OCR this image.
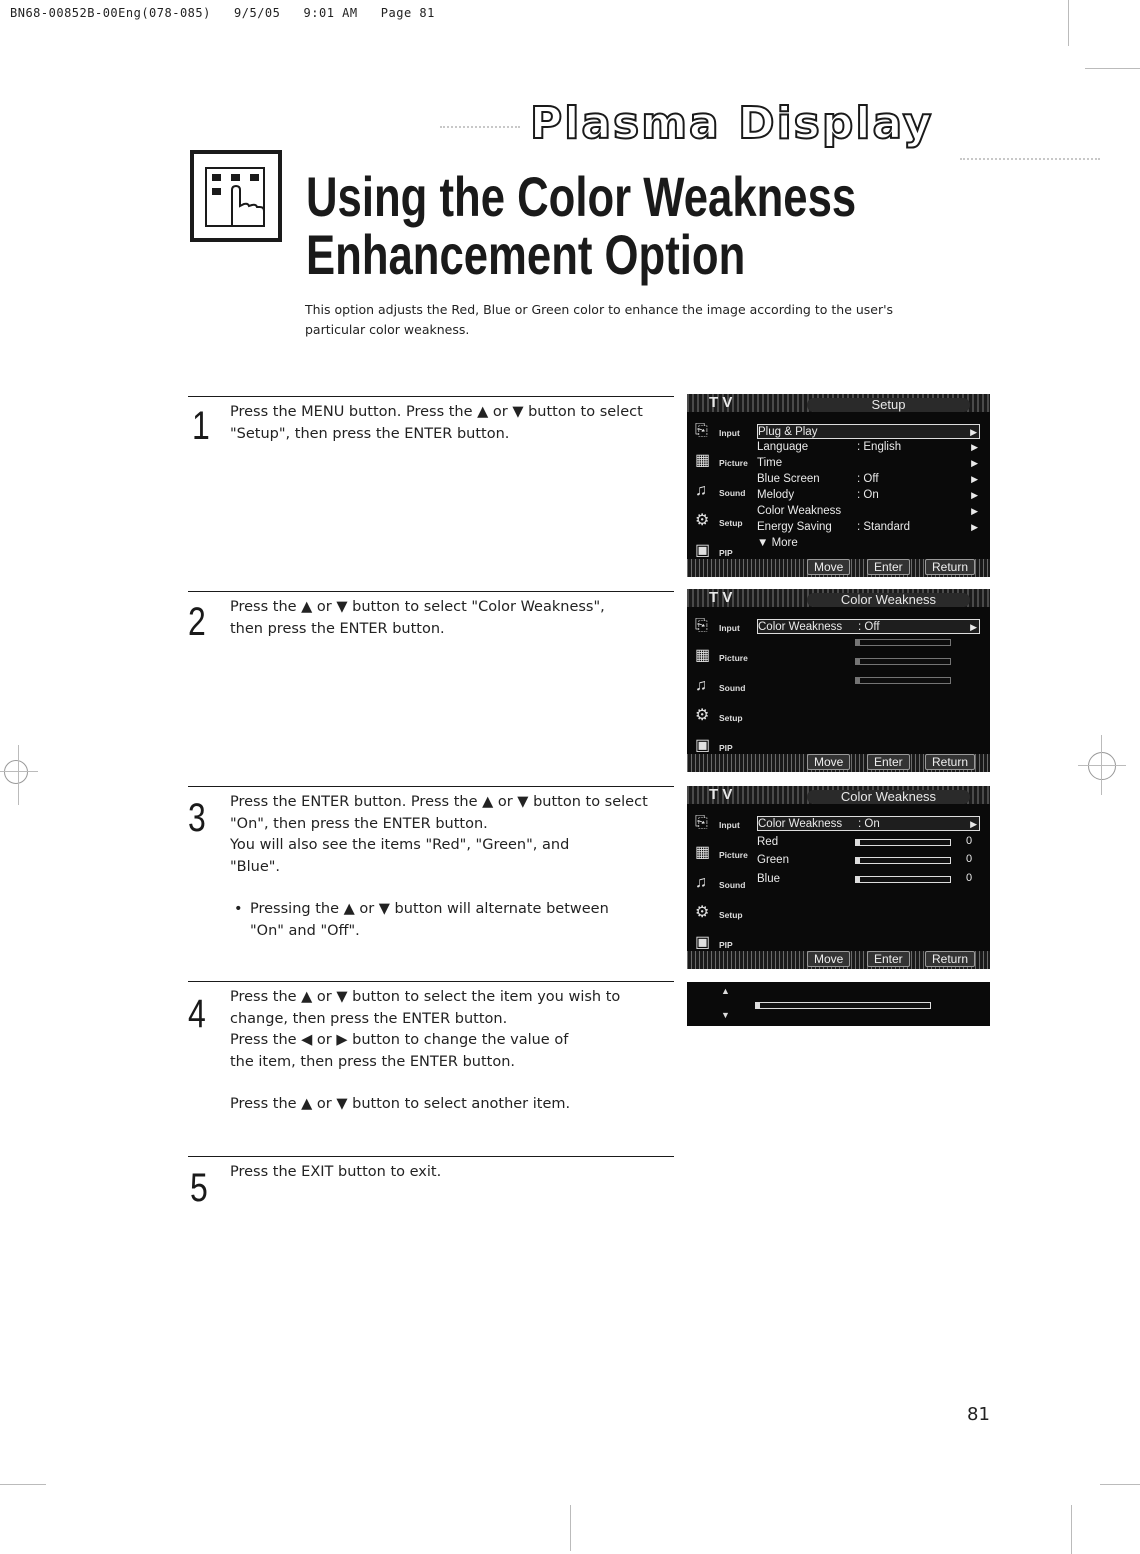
BN68-00852B-00Eng(078-085)   9/5/05   9:01 AM   Page 81
Plasma Display
Using the Color Weakness
Enhancement Option
This option adjusts the Red, Blue or Green color to enhance the image according to the user's
particular color weakness.
1 Press the MENU button. Press the ▲ or ▼ button to select

"Setup", then press the ENTER button.

2 Press the ▲ or ▼ button to select "Color Weakness",

then press the ENTER button.

3 Press the ENTER button. Press the ▲ or ▼ button to select

"On", then press the ENTER button.

You will also see the items "Red", "Green", and

"Blue".

• Pressing the ▲ or ▼ button will alternate between

"On" and "Off".

4 Press the ▲ or ▼ button to select the item you wish to

change, then press the ENTER button.

Press the ◀ or ▶ button to change the value of

the item, then press the ENTER button.

Press the ▲ or ▼ button to select another item.

5 Press the EXIT button to exit.

T V	Setup
⎘	Input
▦	Picture
♫	Sound
⚙	Setup
▣	PIP
Plug & Play	▶
Language	: English	▶
Time	▶
Blue Screen	: Off	▶
Melody	: On	▶
Color Weakness	▶
Energy Saving : Standard	▶
▼ More
Move	Enter	Return
T V	Color Weakness
⎘	Input
▦	Picture
♫	Sound
⚙	Setup
▣	PIP
Color Weakness : Off	▶
Move	Enter	Return
T V	Color Weakness
⎘	Input
▦	Picture
♫	Sound
⚙	Setup
▣	PIP
Color Weakness : On	▶
Red	0
Green	0
Blue	0
Move	Enter	Return
▲
▼
81
